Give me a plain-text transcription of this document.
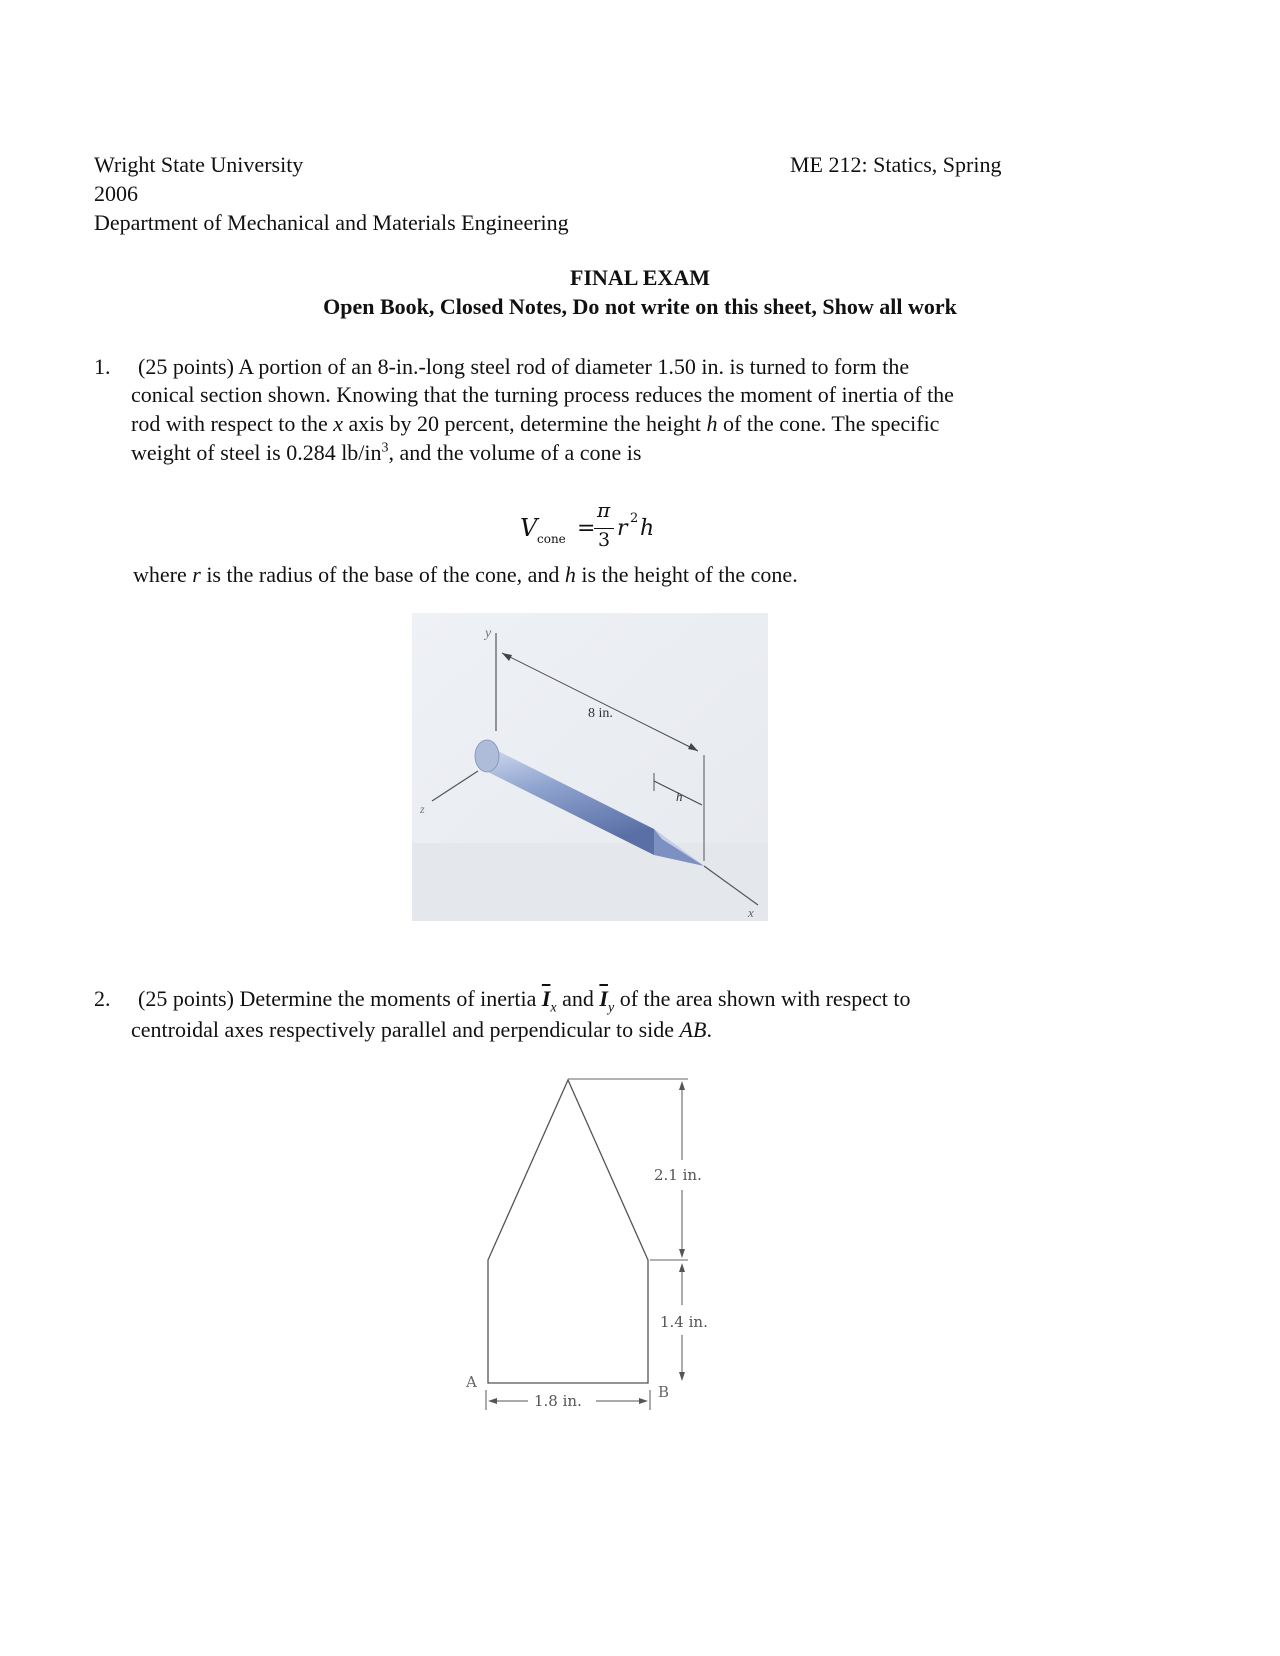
Wright State University	ME 212: Statics, Spring
2006
Department of Mechanical and Materials Engineering
FINAL EXAM
Open Book, Closed Notes, Do not write on this sheet, Show all work
1. (25 points) A portion of an 8-in.-long steel rod of diameter 1.50 in. is turned to form the
conical section shown. Knowing that the turning process reduces the moment of inertia of the
rod with respect to the x axis by 20 percent, determine the height h of the cone. The specific
weight of steel is 0.284 $lb/in^3$, and the volume of a cone is
V cone =
π
3 r 2 h
where r is the radius of the base of the cone, and h is the height of the cone.
y
z
x
8 in.
h
2. (25 points) Determine the moments of inertia $\overline{I}_x$ and $\overline{I}_y$ of the area shown with respect to
centroidal axes respectively parallel and perpendicular to side AB.
2.1 in.
1.4 in.
1.8 in.
A
B
